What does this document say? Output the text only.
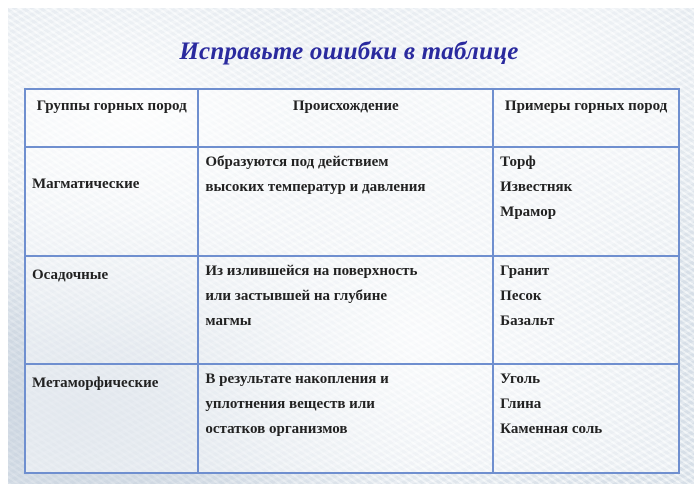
Исправьте ошибки в таблице
Группы горных пород	Происхождение	Примеры горных пород
Магматические	Образуются под действием
высоких температур и давления	Торф
Известняк
Мрамор

Осадочные	Из излившейся на поверхность
или застывшей на глубине
магмы	Гранит
Песок
Базальт

Метаморфические	В результате накопления и
уплотнения веществ или
остатков организмов	Уголь
Глина
Каменная соль
